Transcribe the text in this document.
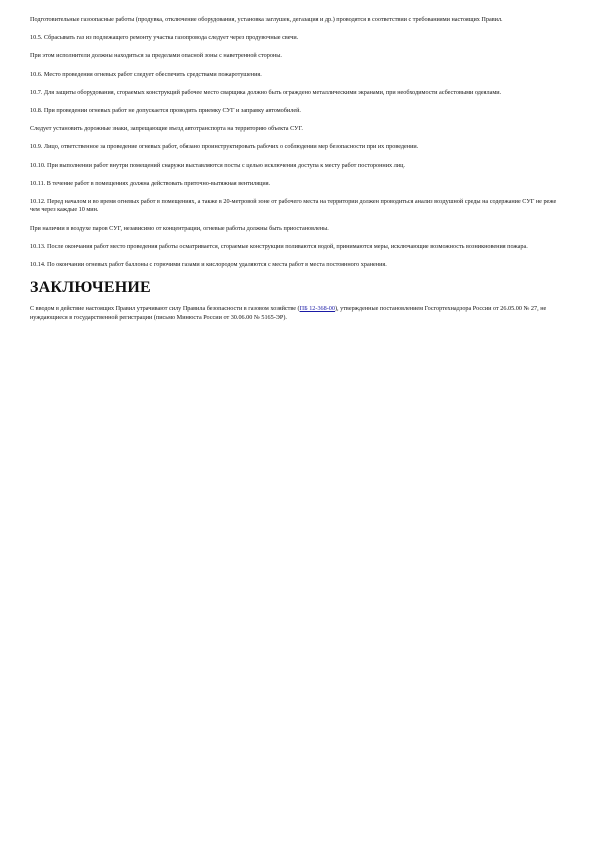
Подготовительные газоопасные работы (продувка, отключение оборудования, установка заглушек, дегазация и др.) проводятся в соответствии с требованиями настоящих Правил.

10.5. Сбрасывать газ из подлежащего ремонту участка газопровода следует через продувочные свечи.

При этом исполнители должны находиться за пределами опасной зоны с наветренной стороны.

10.6. Место проведения огневых работ следует обеспечить средствами пожаротушения.

10.7. Для защиты оборудования, сгораемых конструкций рабочее место сварщика должно быть ограждено металлическими экранами, при необходимости асбестовыми одеялами.

10.8. При проведении огневых работ не допускается проводить приемку СУГ и заправку автомобилей.

Следует установить дорожные знаки, запрещающие въезд автотранспорта на территорию объекта СУГ.

10.9. Лицо, ответственное за проведение огневых работ, обязано проинструктировать рабочих о соблюдении мер безопасности при их проведении.

10.10. При выполнении работ внутри помещений снаружи выставляются посты с целью исключения доступа к месту работ посторонних лиц.

10.11. В течение работ в помещениях должна действовать приточно-вытяжная вентиляция.

10.12. Перед началом и во время огневых работ в помещениях, а также в 20-метровой зоне от рабочего места на территории должен проводиться анализ воздушной среды на содержание СУГ не реже чем через каждые 10 мин.

При наличии в воздухе паров СУГ, независимо от концентрации, огневые работы должны быть приостановлены.

10.13. После окончания работ место проведения работы осматривается, сгораемые конструкции поливаются водой, принимаются меры, исключающие возможность возникновения пожара.

10.14. По окончании огневых работ баллоны с горючими газами и кислородом удаляются с места работ в места постоянного хранения.

ЗАКЛЮЧЕНИЕ

С вводом в действие настоящих Правил утрачивают силу Правила безопасности в газовом хозяйстве (ПБ 12-368-00), утвержденные постановлением Госгортехнадзора России от 26.05.00 № 27, не нуждающиеся в государственной регистрации (письмо Минюста России от 30.06.00 № 5165-ЭР).
